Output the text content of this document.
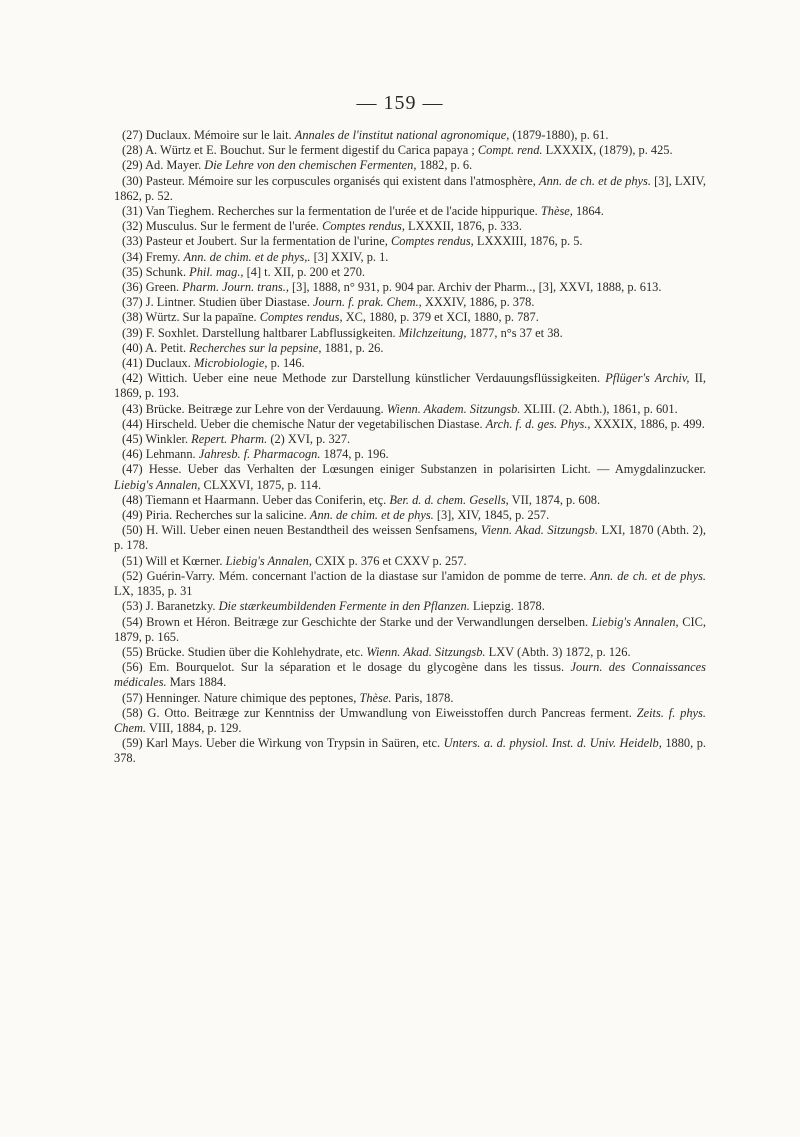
— 159 —

(27) Duclaux. Mémoire sur le lait. Annales de l'institut national agronomique, (1879-1880), p. 61.

(28) A. Würtz et E. Bouchut. Sur le ferment digestif du Carica papaya ; Compt. rend. LXXXIX, (1879), p. 425.

(29) Ad. Mayer. Die Lehre von den chemischen Fermenten, 1882, p. 6.

(30) Pasteur. Mémoire sur les corpuscules organisés qui existent dans l'atmosphère, Ann. de ch. et de phys. [3], LXIV, 1862, p. 52.

(31) Van Tieghem. Recherches sur la fermentation de l'urée et de l'acide hippurique. Thèse, 1864.

(32) Musculus. Sur le ferment de l'urée. Comptes rendus, LXXXII, 1876, p. 333.

(33) Pasteur et Joubert. Sur la fermentation de l'urine, Comptes rendus, LXXXIII, 1876, p. 5.

(34) Fremy. Ann. de chim. et de phys,. [3] XXIV, p. 1.

(35) Schunk. Phil. mag., [4] t. XII, p. 200 et 270.

(36) Green. Pharm. Journ. trans., [3], 1888, n° 931, p. 904 par. Archiv der Pharm.., [3], XXVI, 1888, p. 613.

(37) J. Lintner. Studien über Diastase. Journ. f. prak. Chem., XXXIV, 1886, p. 378.

(38) Würtz. Sur la papaïne. Comptes rendus, XC, 1880, p. 379 et XCI, 1880, p. 787.

(39) F. Soxhlet. Darstellung haltbarer Labflussigkeiten. Milchzeitung, 1877, n°s 37 et 38.

(40) A. Petit. Recherches sur la pepsine, 1881, p. 26.

(41) Duclaux. Microbiologie, p. 146.

(42) Wittich. Ueber eine neue Methode zur Darstellung künstlicher Verdauungsflüssigkeiten. Pflüger's Archiv, II, 1869, p. 193.

(43) Brücke. Beitræge zur Lehre von der Verdauung. Wienn. Akadem. Sitzungsb. XLIII. (2. Abth.), 1861, p. 601.

(44) Hirscheld. Ueber die chemische Natur der vegetabilischen Diastase. Arch. f. d. ges. Phys., XXXIX, 1886, p. 499.

(45) Winkler. Repert. Pharm. (2) XVI, p. 327.

(46) Lehmann. Jahresb. f. Pharmacogn. 1874, p. 196.

(47) Hesse. Ueber das Verhalten der Lœsungen einiger Substanzen in polarisirten Licht. — Amygdalinzucker. Liebig's Annalen, CLXXVI, 1875, p. 114.

(48) Tiemann et Haarmann. Ueber das Coniferin, etç. Ber. d. d. chem. Gesells, VII, 1874, p. 608.

(49) Piria. Recherches sur la salicine. Ann. de chim. et de phys. [3], XIV, 1845, p. 257.

(50) H. Will. Ueber einen neuen Bestandtheil des weissen Senfsamens, Vienn. Akad. Sitzungsb. LXI, 1870 (Abth. 2), p. 178.

(51) Will et Kœrner. Liebig's Annalen, CXIX p. 376 et CXXV p. 257.

(52) Guérin-Varry. Mém. concernant l'action de la diastase sur l'amidon de pomme de terre. Ann. de ch. et de phys. LX, 1835, p. 31

(53) J. Baranetzky. Die stærkeumbildenden Fermente in den Pflanzen. Liepzig. 1878.

(54) Brown et Héron. Beitræge zur Geschichte der Starke und der Verwandlungen derselben. Liebig's Annalen, CIC, 1879, p. 165.

(55) Brücke. Studien über die Kohlehydrate, etc. Wienn. Akad. Sitzungsb. LXV (Abth. 3) 1872, p. 126.

(56) Em. Bourquelot. Sur la séparation et le dosage du glycogène dans les tissus. Journ. des Connaissances médicales. Mars 1884.

(57) Henninger. Nature chimique des peptones, Thèse. Paris, 1878.

(58) G. Otto. Beitræge zur Kenntniss der Umwandlung von Eiweisstoffen durch Pancreas ferment. Zeits. f. phys. Chem. VIII, 1884, p. 129.

(59) Karl Mays. Ueber die Wirkung von Trypsin in Saüren, etc. Unters. a. d. physiol. Inst. d. Univ. Heidelb, 1880, p. 378.
